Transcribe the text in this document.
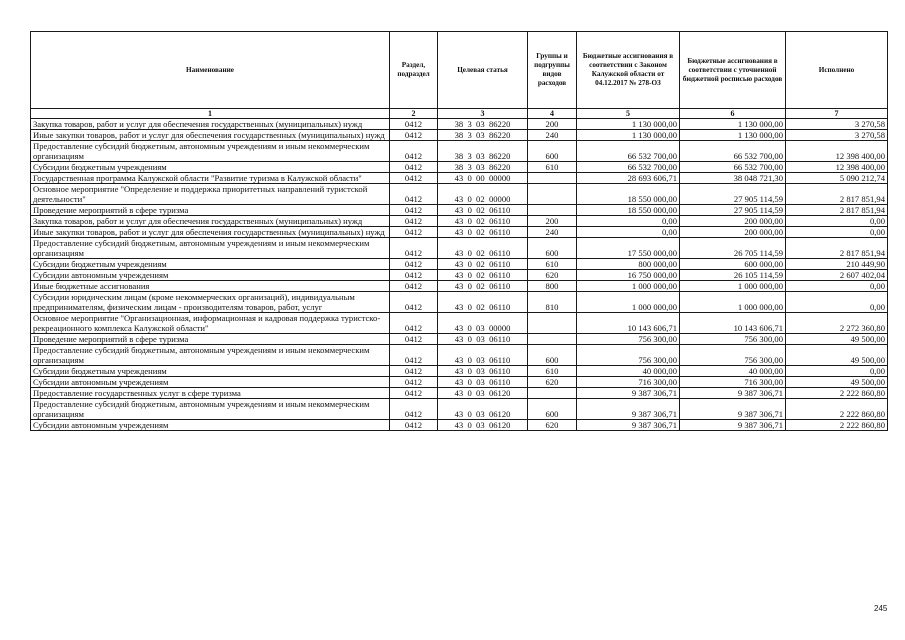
Наименование	Раздел, подраздел	Целевая статья	Группы и подгруппы видов расходов	Бюджетные ассигнования в соответствии с Законом Калужской области от 04.12.2017 № 278-ОЗ	Бюджетные ассигнования в соответствии с уточненной бюджетной росписью расходов	Исполнено
1	2	3	4	5	6	7
Закупка товаров, работ и услуг для обеспечения государственных (муниципальных) нужд	0412	38  3  03  86220	200	1 130 000,00	1 130 000,00	3 270,58
Иные закупки товаров, работ и услуг для обеспечения государственных (муниципальных) нужд	0412	38  3  03  86220	240	1 130 000,00	1 130 000,00	3 270,58
Предоставление субсидий бюджетным, автономным учреждениям и иным некоммерческим организациям	0412	38  3  03  86220	600	66 532 700,00	66 532 700,00	12 398 400,00
Субсидии бюджетным учреждениям	0412	38  3  03  86220	610	66 532 700,00	66 532 700,00	12 398 400,00
Государственная программа Калужской области "Развитие туризма в Калужской области"	0412	43  0  00  00000		28 693 606,71	38 048 721,30	5 090 212,74
Основное мероприятие "Определение и поддержка приоритетных направлений туристской деятельности"	0412	43  0  02  00000		18 550 000,00	27 905 114,59	2 817 851,94
Проведение мероприятий в сфере туризма	0412	43  0  02  06110		18 550 000,00	27 905 114,59	2 817 851,94
Закупка товаров, работ и услуг для обеспечения государственных (муниципальных) нужд	0412	43  0  02  06110	200	0,00	200 000,00	0,00
Иные закупки товаров, работ и услуг для обеспечения государственных (муниципальных) нужд	0412	43  0  02  06110	240	0,00	200 000,00	0,00
Предоставление субсидий бюджетным, автономным учреждениям и иным некоммерческим организациям	0412	43  0  02  06110	600	17 550 000,00	26 705 114,59	2 817 851,94
Субсидии бюджетным учреждениям	0412	43  0  02  06110	610	800 000,00	600 000,00	210 449,90
Субсидии автономным учреждениям	0412	43  0  02  06110	620	16 750 000,00	26 105 114,59	2 607 402,04
Иные бюджетные ассигнования	0412	43  0  02  06110	800	1 000 000,00	1 000 000,00	0,00
Субсидии юридическим лицам (кроме некоммерческих организаций), индивидуальным предпринимателям, физическим лицам - производителям товаров, работ, услуг	0412	43  0  02  06110	810	1 000 000,00	1 000 000,00	0,00
Основное мероприятие "Организационная, информационная и кадровая поддержка туристско-рекреационного комплекса Калужской области"	0412	43  0  03  00000		10 143 606,71	10 143 606,71	2 272 360,80
Проведение мероприятий в сфере туризма	0412	43  0  03  06110		756 300,00	756 300,00	49 500,00
Предоставление субсидий бюджетным, автономным учреждениям и иным некоммерческим организациям	0412	43  0  03  06110	600	756 300,00	756 300,00	49 500,00
Субсидии бюджетным учреждениям	0412	43  0  03  06110	610	40 000,00	40 000,00	0,00
Субсидии автономным учреждениям	0412	43  0  03  06110	620	716 300,00	716 300,00	49 500,00
Предоставление государственных услуг в сфере туризма	0412	43  0  03  06120		9 387 306,71	9 387 306,71	2 222 860,80
Предоставление субсидий бюджетным, автономным учреждениям и иным некоммерческим организациям	0412	43  0  03  06120	600	9 387 306,71	9 387 306,71	2 222 860,80
Субсидии автономным учреждениям	0412	43  0  03  06120	620	9 387 306,71	9 387 306,71	2 222 860,80
245
